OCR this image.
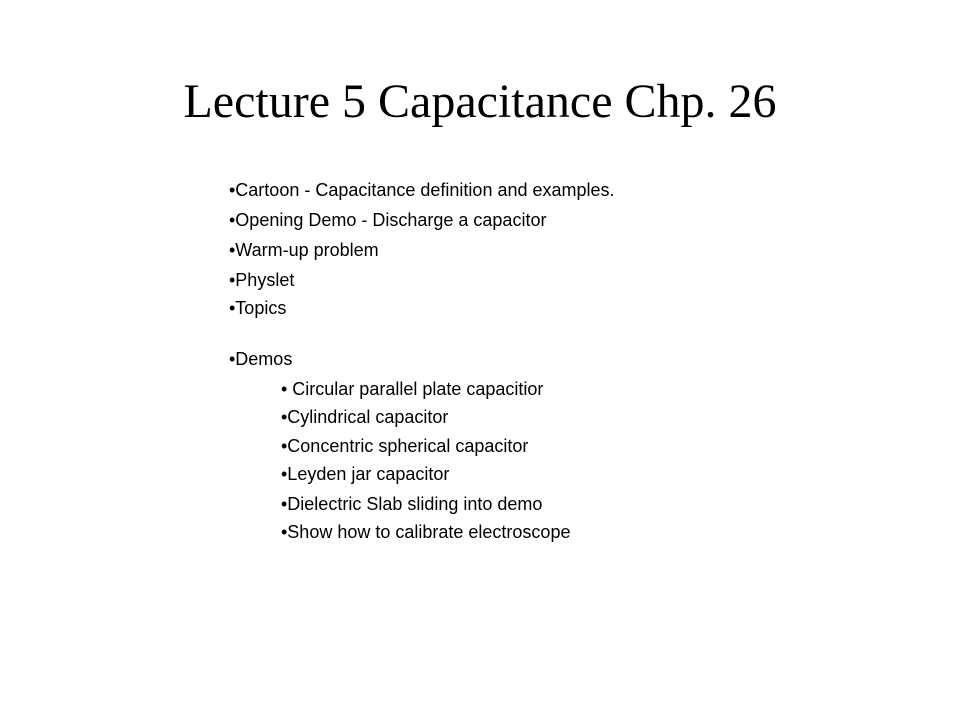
Lecture 5 Capacitance Chp. 26
•Cartoon - Capacitance definition and examples.
•Opening Demo - Discharge a capacitor
•Warm-up problem
•Physlet
•Topics
•Demos
• Circular parallel plate capacitior
•Cylindrical capacitor
•Concentric spherical capacitor
•Leyden jar capacitor
•Dielectric Slab sliding into demo
•Show how to calibrate electroscope
